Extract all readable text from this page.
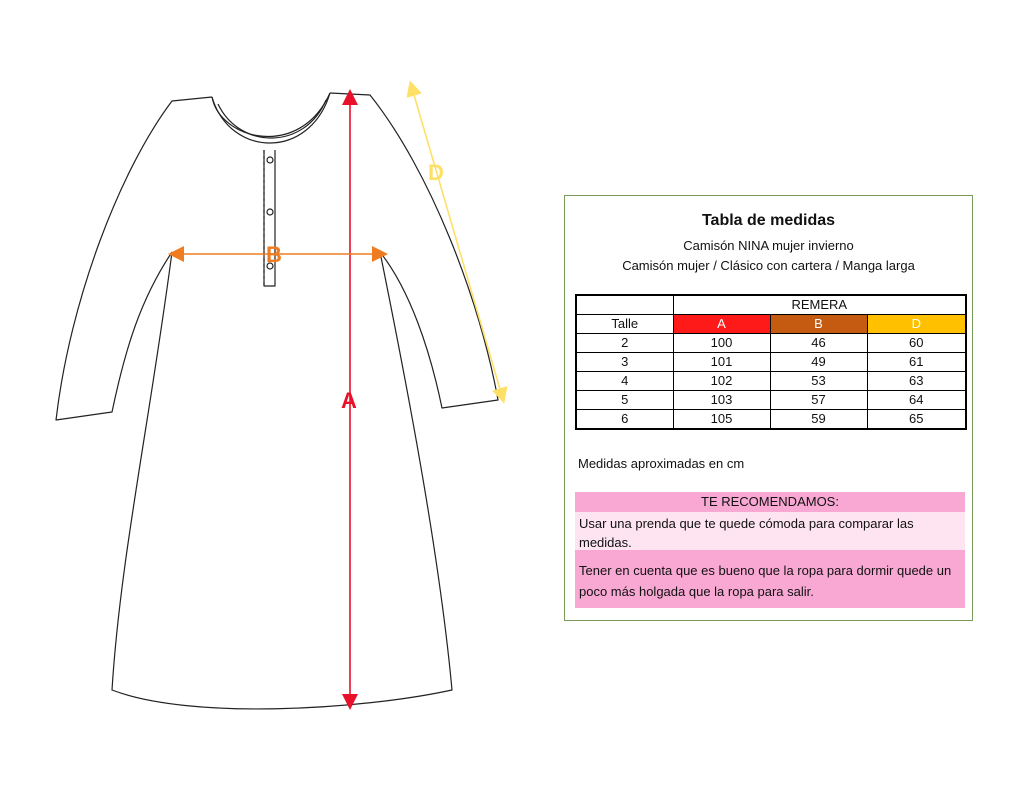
A
B
D
Tabla de medidas
Camisón NINA mujer invierno
Camisón mujer / Clásico con cartera / Manga larga
	REMERA		
Talle	A	B	D
2	100	46	60
3	101	49	61
4	102	53	63
5	103	57	64
6	105	59	65
Medidas aproximadas en cm
TE RECOMENDAMOS:
Usar una prenda que te quede cómoda para comparar las medidas.
Tener en cuenta que es bueno que la ropa para dormir quede un poco más holgada que la ropa para salir.
